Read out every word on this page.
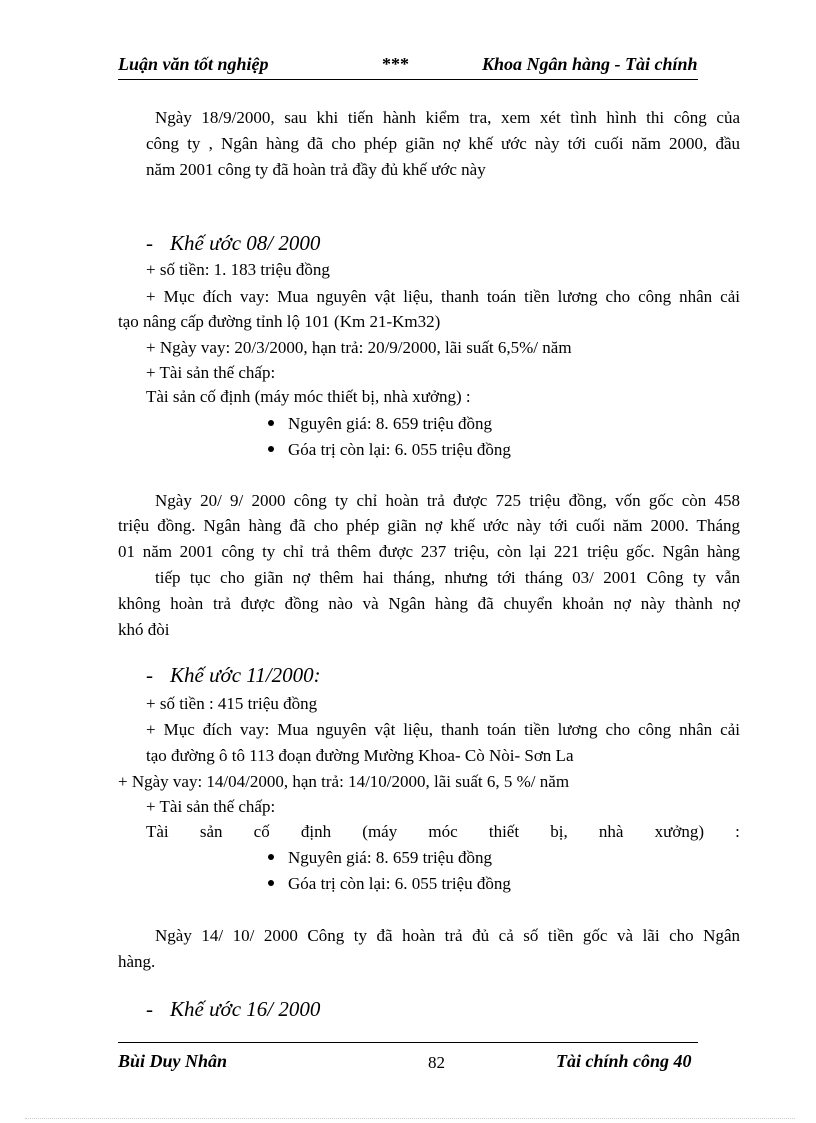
Luận văn tốt nghiệp	***	Khoa Ngân hàng - Tài chính
Ngày 18/9/2000, sau khi tiến hành kiểm tra, xem xét tình hình thi công của
công ty , Ngân hàng đã cho phép giãn nợ khế ước này tới cuối năm 2000, đầu
năm 2001 công ty đã hoàn trả đầy đủ khế ước này
- Khế ước 08/ 2000
+ số tiền: 1. 183 triệu đồng
+ Mục đích vay: Mua nguyên vật liệu, thanh toán tiền lương cho công nhân cải
tạo nâng cấp đường tỉnh lộ 101 (Km 21-Km32)
+ Ngày vay: 20/3/2000, hạn trả: 20/9/2000, lãi suất 6,5%/ năm
+ Tài sản thế chấp:
Tài sản cố định (máy móc thiết bị, nhà xưởng) :
Nguyên giá: 8. 659 triệu đồng
Góa trị còn lại: 6. 055 triệu đồng
Ngày 20/ 9/ 2000 công ty chỉ hoàn trả được 725 triệu đồng, vốn gốc còn 458
triệu đồng. Ngân hàng đã cho phép giãn nợ khế ước này tới cuối năm 2000. Tháng
01 năm 2001 công ty chỉ trả thêm được 237 triệu, còn lại 221 triệu gốc. Ngân hàng
tiếp tục cho giãn nợ thêm hai tháng, nhưng tới tháng 03/ 2001 Công ty vẫn
không hoàn trả được đồng nào và Ngân hàng đã chuyển khoản nợ này thành nợ
khó đòi
- Khế ước 11/2000:
+ số tiền : 415 triệu đồng
+ Mục đích vay: Mua nguyên vật liệu, thanh toán tiền lương cho công nhân cải
tạo đường ô tô 113 đoạn đường Mường Khoa- Cò Nòi- Sơn La
+ Ngày vay: 14/04/2000, hạn trả: 14/10/2000, lãi suất 6, 5 %/ năm
+ Tài sản thế chấp:
Tài sản cố định (máy móc thiết bị, nhà xưởng) :
Nguyên giá: 8. 659 triệu đồng
Góa trị còn lại: 6. 055 triệu đồng
Ngày 14/ 10/ 2000 Công ty đã hoàn trả đủ cả số tiền gốc và lãi cho Ngân
hàng.
- Khế ước 16/ 2000
Bùi Duy Nhân	82	Tài chính công 40
